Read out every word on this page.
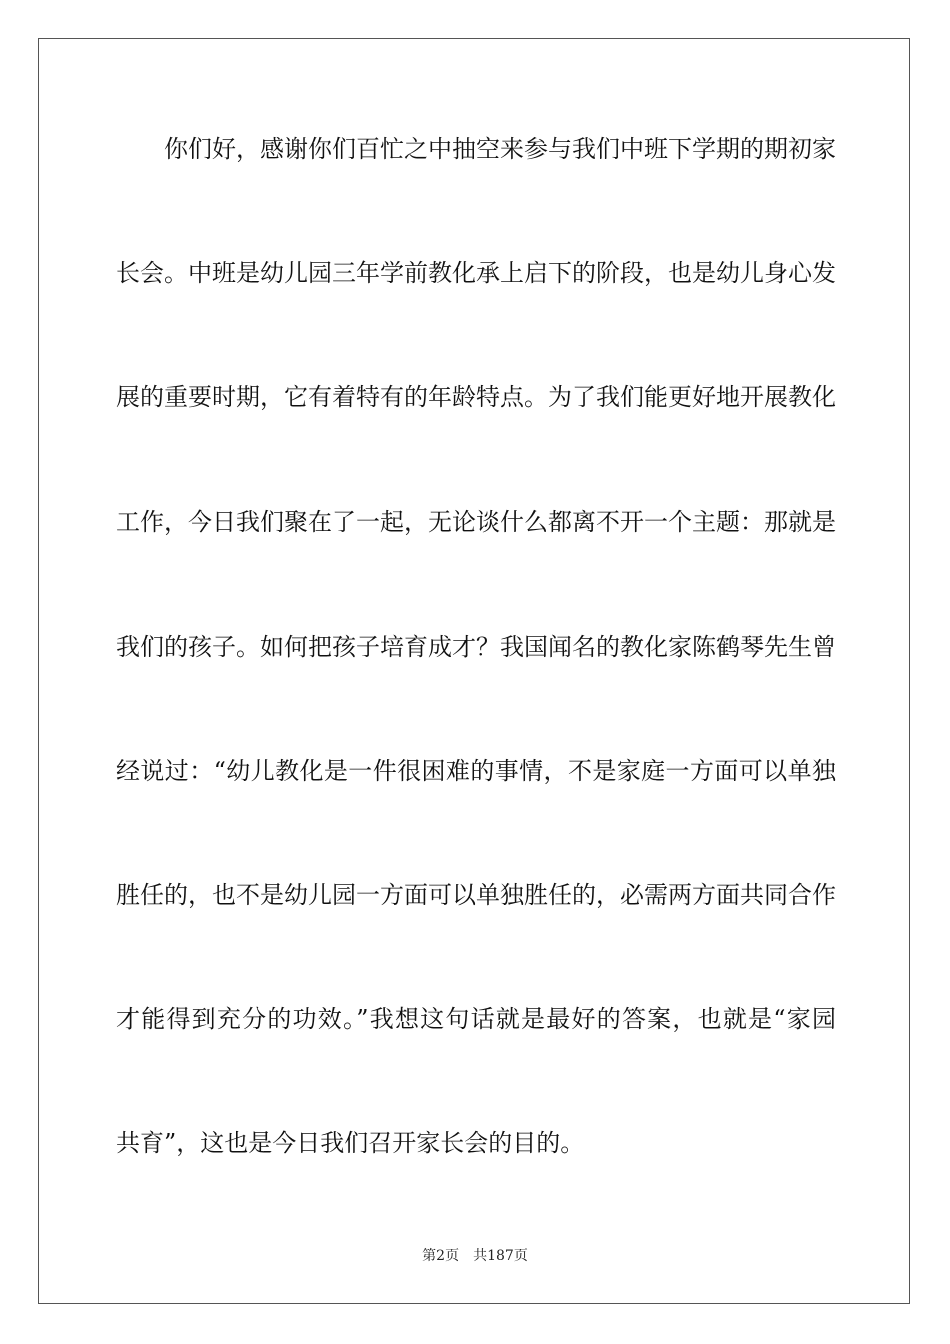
你们好，感谢你们百忙之中抽空来参与我们中班下学期的期初家
长会。中班是幼儿园三年学前教化承上启下的阶段，也是幼儿身心发
展的重要时期，它有着特有的年龄特点。为了我们能更好地开展教化
工作，今日我们聚在了一起，无论谈什么都离不开一个主题：那就是
我们的孩子。如何把孩子培育成才？我国闻名的教化家陈鹤琴先生曾
经说过：“幼儿教化是一件很困难的事情，不是家庭一方面可以单独
胜任的，也不是幼儿园一方面可以单独胜任的，必需两方面共同合作
才能得到充分的功效。”我想这句话就是最好的答案，也就是“家园
共育”，这也是今日我们召开家长会的目的。
第2页 共187页
